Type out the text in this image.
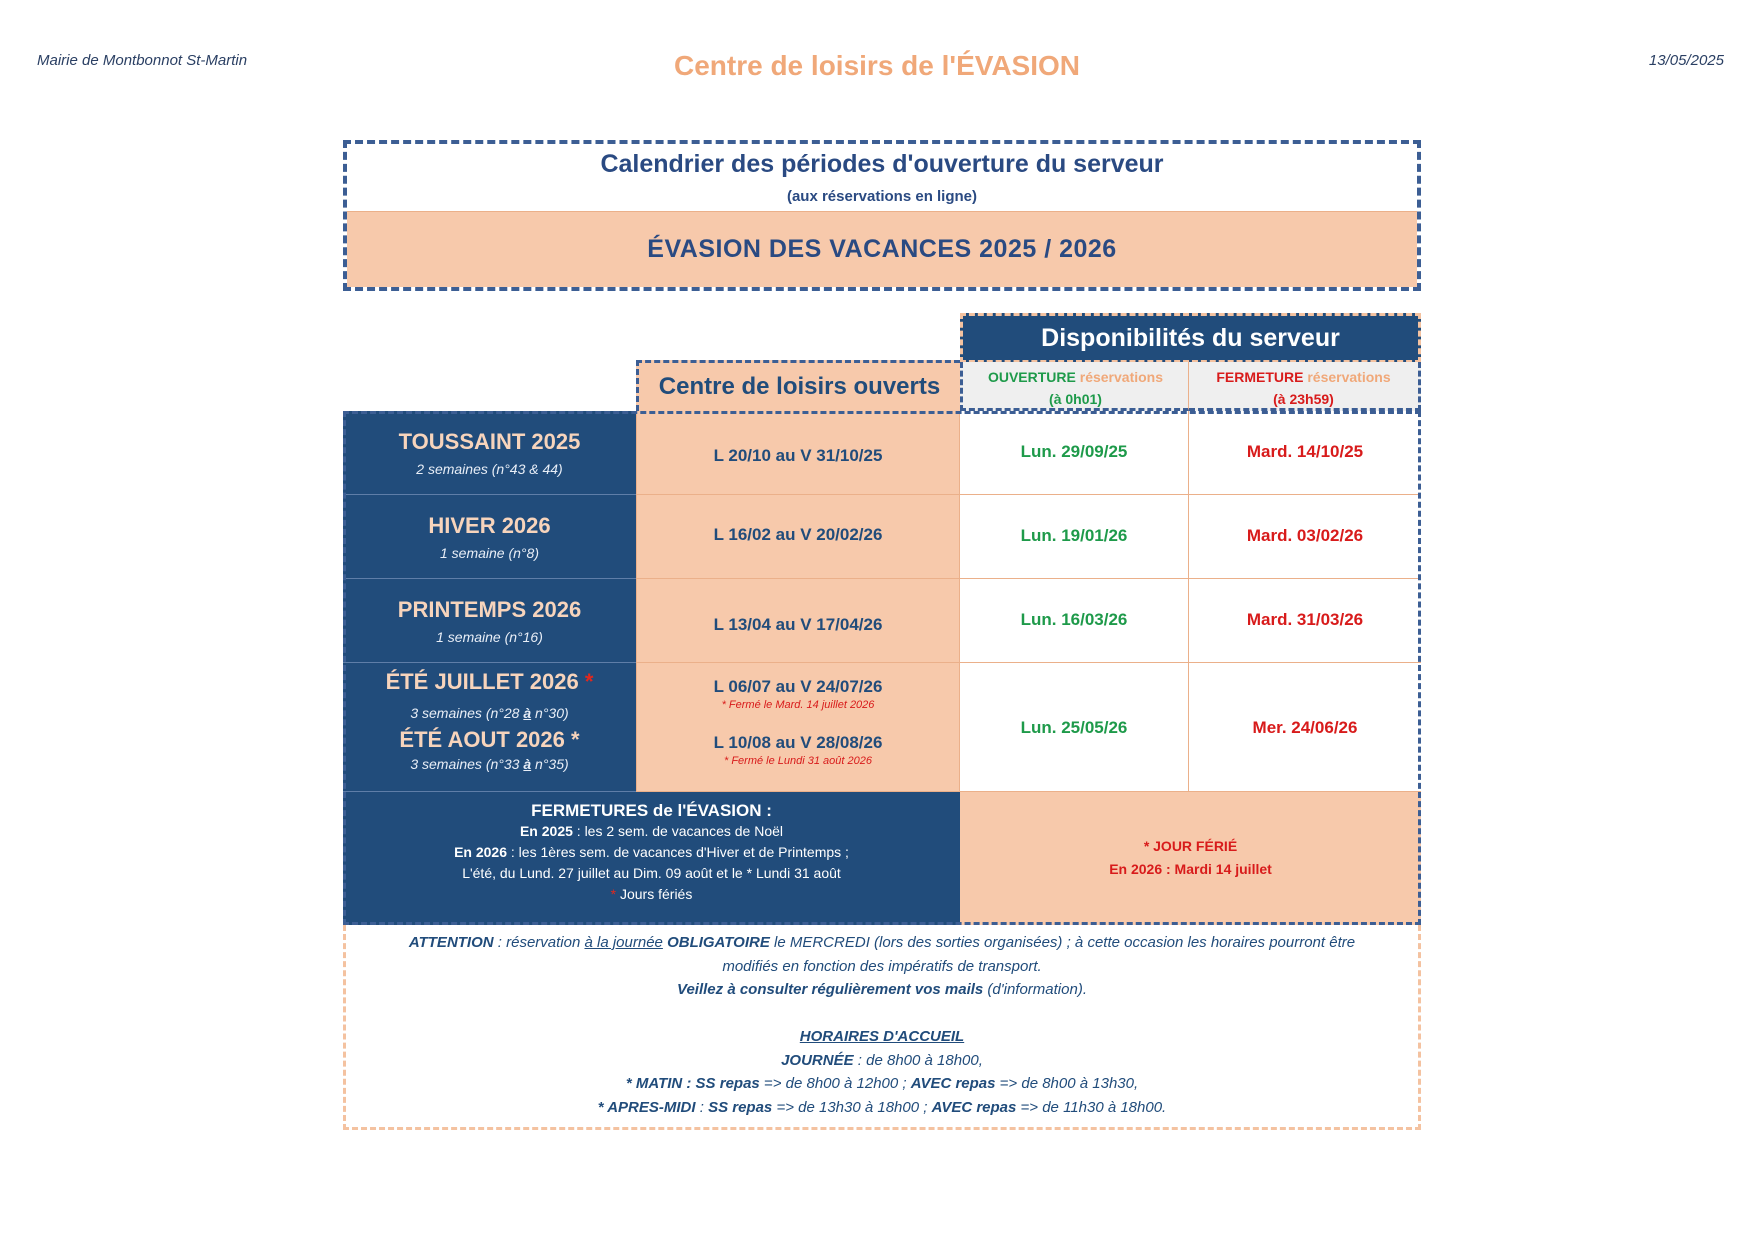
Mairie de Montbonnot St-Martin	Centre de loisirs de l'ÉVASION	13/05/2025
Calendrier des périodes d'ouverture du serveur
(aux réservations en ligne)
ÉVASION DES VACANCES 2025 / 2026
Disponibilités du serveur
OUVERTURE réservations
(à 0h01)
FERMETURE réservations
(à 23h59)
Centre de loisirs ouverts
TOUSSAINT 2025
2 semaines (n°43 & 44)
L 20/10 au V 31/10/25	Lun. 29/09/25	Mard. 14/10/25
HIVER 2026
1 semaine (n°8)
L 16/02 au V 20/02/26	Lun. 19/01/26	Mard. 03/02/26
PRINTEMPS 2026
1 semaine (n°16)
L 13/04 au V 17/04/26	Lun. 16/03/26	Mard. 31/03/26
ÉTÉ JUILLET 2026 *
3 semaines (n°28 à n°30)
ÉTÉ AOUT 2026 *
3 semaines (n°33 à n°35)
L 06/07 au V 24/07/26
* Fermé le Mard. 14 juillet 2026
L 10/08 au V 28/08/26
* Fermé le Lundi 31 août 2026
Lun. 25/05/26	Mer. 24/06/26
FERMETURES de l'ÉVASION :
En 2025 : les 2 sem. de vacances de Noël
En 2026 : les 1ères sem. de vacances d'Hiver et de Printemps ;
L'été, du Lund. 27 juillet au Dim. 09 août et le * Lundi 31 août
* Jours fériés
* JOUR FÉRIÉ
En 2026 : Mardi 14 juillet
ATTENTION : réservation à la journée OBLIGATOIRE le MERCREDI (lors des sorties organisées) ; à cette occasion les horaires pourront être
modifiés en fonction des impératifs de transport.
Veillez à consulter régulièrement vos mails (d'information).
HORAIRES D'ACCUEIL
JOURNÉE : de 8h00 à 18h00,
* MATIN : SS repas => de 8h00 à 12h00 ; AVEC repas => de 8h00 à 13h30,
* APRES-MIDI : SS repas => de 13h30 à 18h00 ; AVEC repas => de 11h30 à 18h00.
